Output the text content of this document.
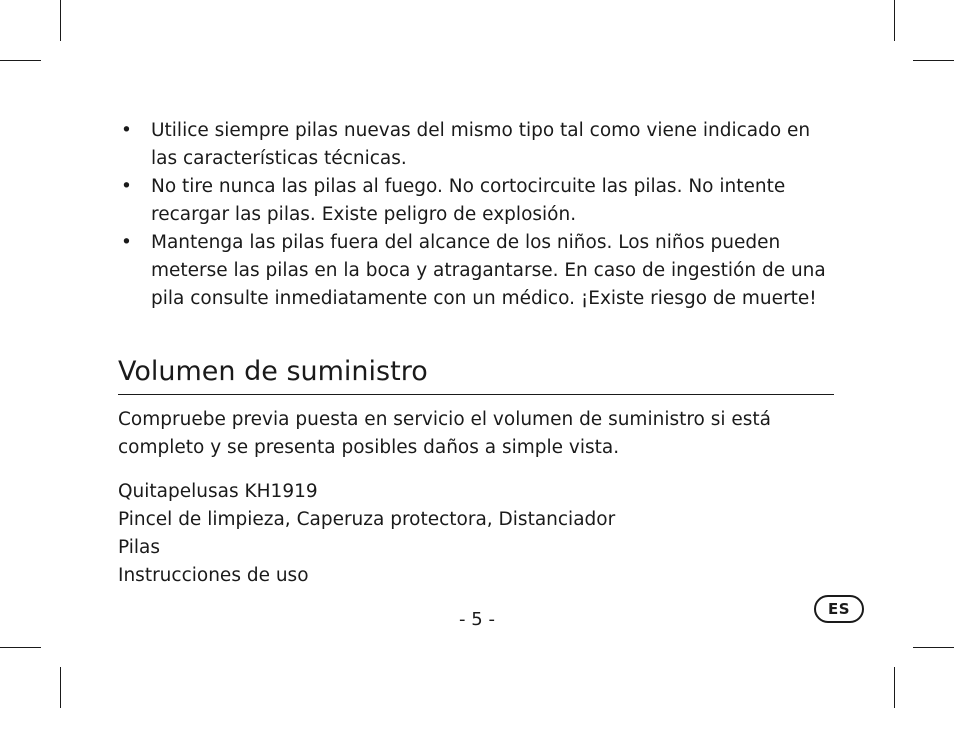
• Utilice siempre pilas nuevas del mismo tipo tal como viene indicado en las características técnicas.
• No tire nunca las pilas al fuego. No cortocircuite las pilas. No intente recargar las pilas. Existe peligro de explosión.
• Mantenga las pilas fuera del alcance de los niños. Los niños pueden meterse las pilas en la boca y atragantarse. En caso de ingestión de una pila consulte inmediatamente con un médico. ¡Existe riesgo de muerte!
Volumen de suministro

Compruebe previa puesta en servicio el volumen de suministro si está completo y se presenta posibles daños a simple vista.

Quitapelusas KH1919
Pincel de limpieza, Caperuza protectora, Distanciador
Pilas
Instrucciones de uso
- 5 -	ES
